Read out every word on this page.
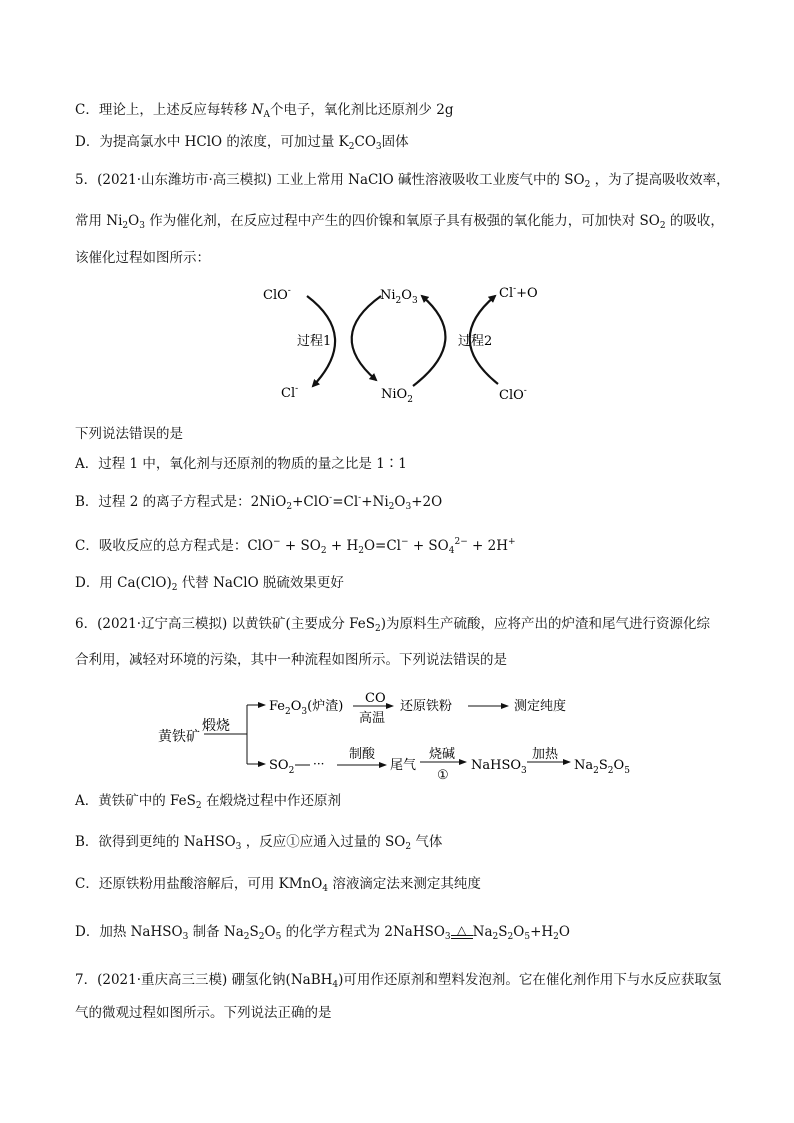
C．理论上，上述反应每转移 $N_A$个电子，氧化剂比还原剂少 2g
D．为提高氯水中 HClO 的浓度，可加过量 $K_2CO_3$固体
5．(2021·山东潍坊市·高三模拟) 工业上常用 NaClO 碱性溶液吸收工业废气中的 $SO_2$ ，为了提高吸收效率，
常用 $Ni_2O_3$ 作为催化剂，在反应过程中产生的四价镍和氧原子具有极强的氧化能力，可加快对 $SO_2$ 的吸收，
该催化过程如图所示：
ClO-	$Ni_2O_3$	Cl-+O
过程1	过程2
Cl-	NiO$_2$	ClO-
下列说法错误的是
A．过程 1 中，氧化剂与还原剂的物质的量之比是 1∶1
B．过程 2 的离子方程式是：$2NiO_2+ClO^-=Cl^-+Ni_2O_3+2O$
C．吸收反应的总方程式是：$ClO^- + SO_2 + H_2O=Cl^- + SO_4^{2-} + 2H^+$
D．用 $Ca(ClO)_2$ 代替 NaClO 脱硫效果更好
6．(2021·辽宁高三模拟) 以黄铁矿(主要成分 FeS$_2$)为原料生产硫酸，应将产出的炉渣和尾气进行资源化综
合利用，减轻对环境的污染，其中一种流程如图所示。下列说法错误的是
黄铁矿
煅烧
$Fe_2O_3$(炉渣)
CO
高温
还原铁粉	测定纯度
$SO_2$ ···
制酸
尾气
烧碱
①
NaHSO$_3$
加热
$Na_2S_2O_5$
A．黄铁矿中的 FeS$_2$ 在煅烧过程中作还原剂
B．欲得到更纯的 NaHSO$_3$ ，反应①应通入过量的 $SO_2$ 气体
C．还原铁粉用盐酸溶解后，可用 KMnO$_4$ 溶液滴定法来测定其纯度
D．加热 NaHSO$_3$ 制备 $Na_2S_2O_5$ 的化学方程式为 2NaHSO$_3$ △ $Na_2S_2O_5+H_2O$
7．(2021·重庆高三三模) 硼氢化钠(NaBH$_4$)可用作还原剂和塑料发泡剂。它在催化剂作用下与水反应获取氢
气的微观过程如图所示。下列说法正确的是
